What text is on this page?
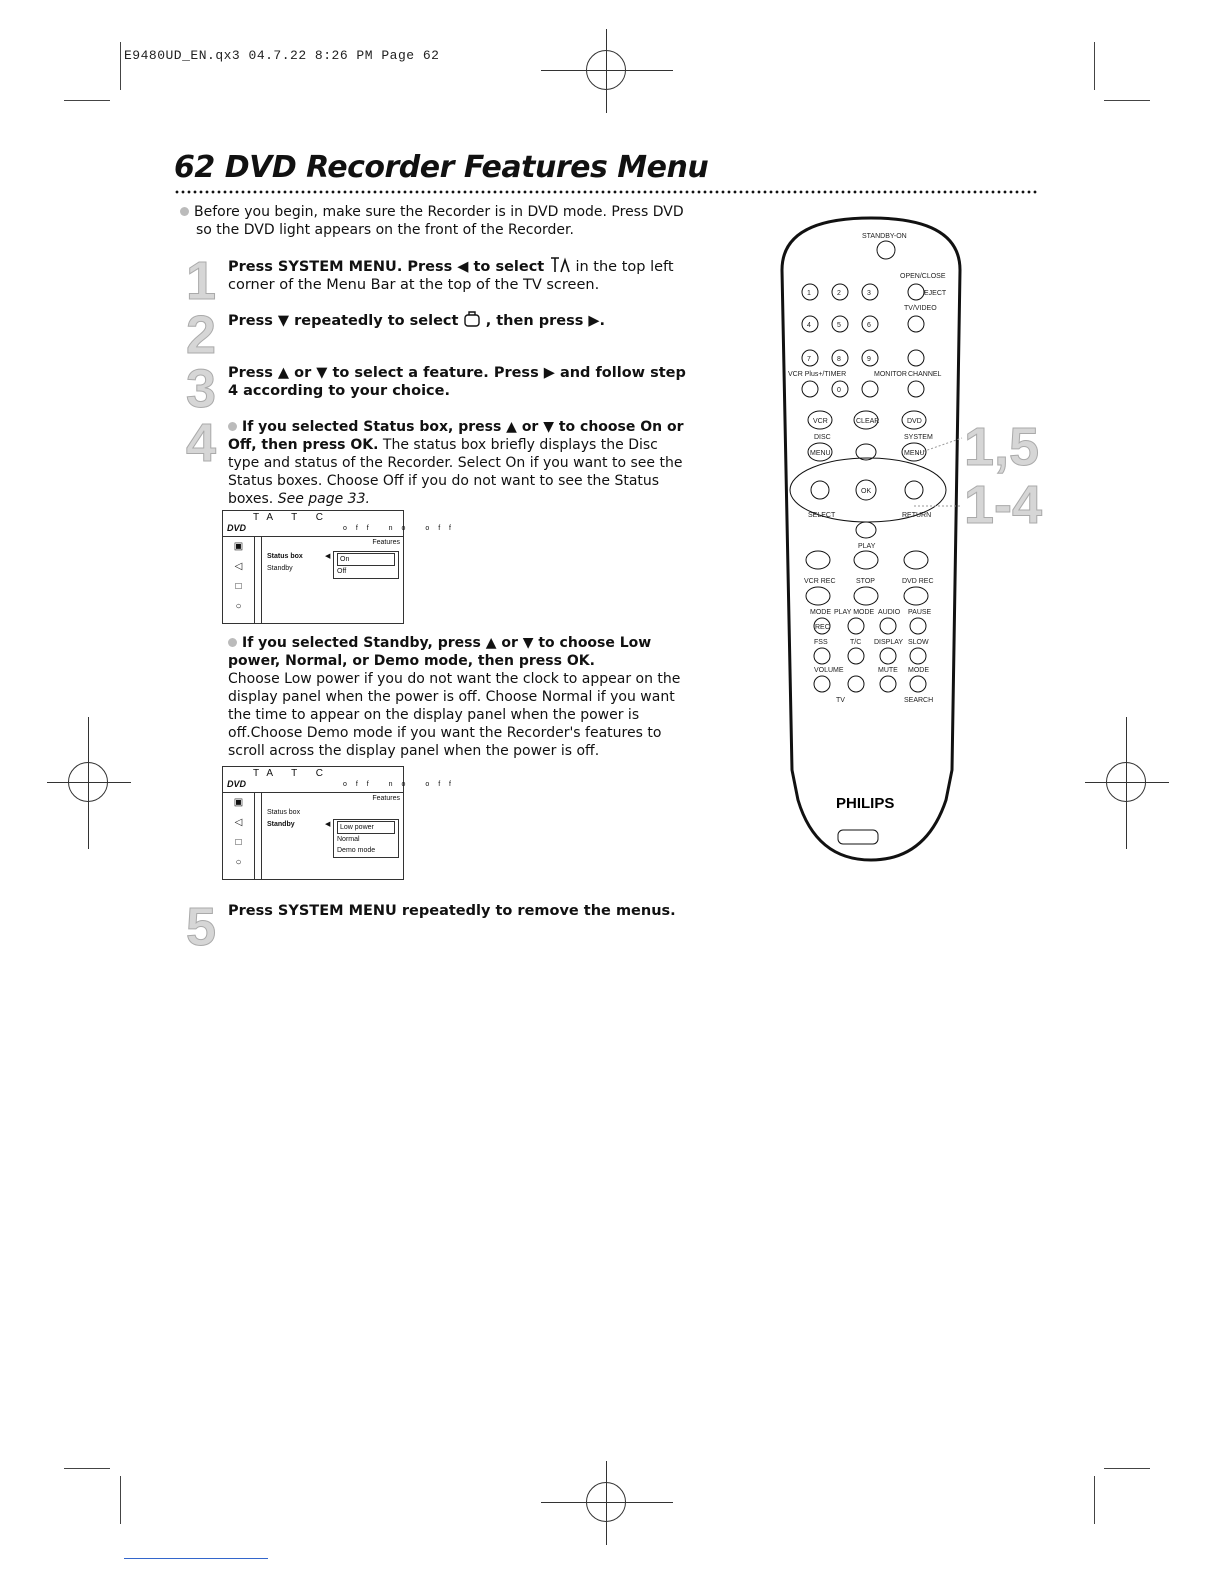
E9480UD_EN.qx3 04.7.22 8:26 PM Page 62
62 DVD Recorder Features Menu

Before you begin, make sure the Recorder is in DVD mode. Press DVD so the DVD light appears on the front of the Recorder.

1 Press SYSTEM MENU. Press ◀ to select in the top left corner of the Menu Bar at the top of the TV screen.

2 Press ▼ repeatedly to select , then press ▶.

3 Press ▲ or ▼ to select a feature. Press ▶ and follow step 4 according to your choice.

4	If you selected Status box, press ▲ or ▼ to choose On or Off, then press OK. The status box briefly displays the Disc type and status of the Recorder. Select On if you want to see the Status boxes. Choose Off if you do not want to see the Status boxes. See page 33.

DVD
TA T C
off no off
▣
◁
□
○
Features
Status box
Standby
◀	On
Off

If you selected Standby, press ▲ or ▼ to choose Low power, Normal, or Demo mode, then press OK.
Choose Low power if you do not want the clock to appear on the display panel when the power is off. Choose Normal if you want the time to appear on the display panel when the power is off.Choose Demo mode if you want the Recorder's features to scroll across the display panel when the power is off.

DVD
TA T C
off no off
▣
◁
□
○
Features
Status box
Standby	◀	Low power
Normal
Demo mode
5 Press SYSTEM MENU repeatedly to remove the menus.

STANDBY-ON
OPEN/CLOSE
EJECT
TV/VIDEO
1	2	3
4	5	6
7	8	9
0
VCR Plus+/TIMER	MONITOR CHANNEL
VCR	CLEAR	DVD
DISC	SYSTEM
MENU	MENU
OK
SELECT	RETURN
PLAY
VCR REC	STOP	DVD REC
MODE PLAY MODE AUDIO PAUSE
REC
FSS	T/C DISPLAY SLOW
VOLUME	MUTE MODE
TV	SEARCH
PHILIPS
1,5
1-4
